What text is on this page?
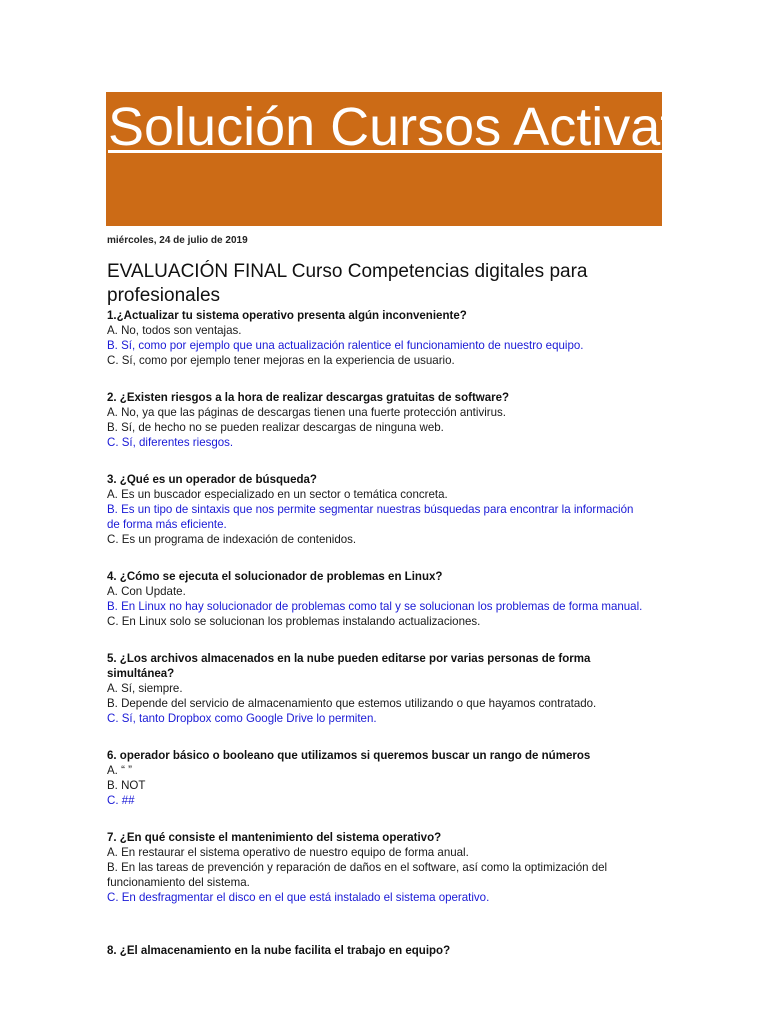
Solución Cursos Activate
miércoles, 24 de julio de 2019
EVALUACIÓN FINAL Curso Competencias digitales para profesionales
1.¿Actualizar tu sistema operativo presenta algún inconveniente?
A. No, todos son ventajas.
B. Sí, como por ejemplo que una actualización ralentice el funcionamiento de nuestro equipo.
C. Sí, como por ejemplo tener mejoras en la experiencia de usuario.
2. ¿Existen riesgos a la hora de realizar descargas gratuitas de software?
A. No, ya que las páginas de descargas tienen una fuerte protección antivirus.
B. Sí, de hecho no se pueden realizar descargas de ninguna web.
C. Sí, diferentes riesgos.
3. ¿Qué es un operador de búsqueda?
A. Es un buscador especializado en un sector o temática concreta.
B. Es un tipo de sintaxis que nos permite segmentar nuestras búsquedas para encontrar la información de forma más eficiente.
C. Es un programa de indexación de contenidos.
4. ¿Cómo se ejecuta el solucionador de problemas en Linux?
A. Con Update.
B. En Linux no hay solucionador de problemas como tal y se solucionan los problemas de forma manual.
C. En Linux solo se solucionan los problemas instalando actualizaciones.
5. ¿Los archivos almacenados en la nube pueden editarse por varias personas de forma simultánea?
A. Sí, siempre.
B. Depende del servicio de almacenamiento que estemos utilizando o que hayamos contratado.
C. Sí, tanto Dropbox como Google Drive lo permiten.
6. operador básico o booleano que utilizamos si queremos buscar un rango de números
A. “ ”
B. NOT
C. ##
7. ¿En qué consiste el mantenimiento del sistema operativo?
A. En restaurar el sistema operativo de nuestro equipo de forma anual.
B. En las tareas de prevención y reparación de daños en el software, así como la optimización del funcionamiento del sistema.
C. En desfragmentar el disco en el que está instalado el sistema operativo.
8. ¿El almacenamiento en la nube facilita el trabajo en equipo?
